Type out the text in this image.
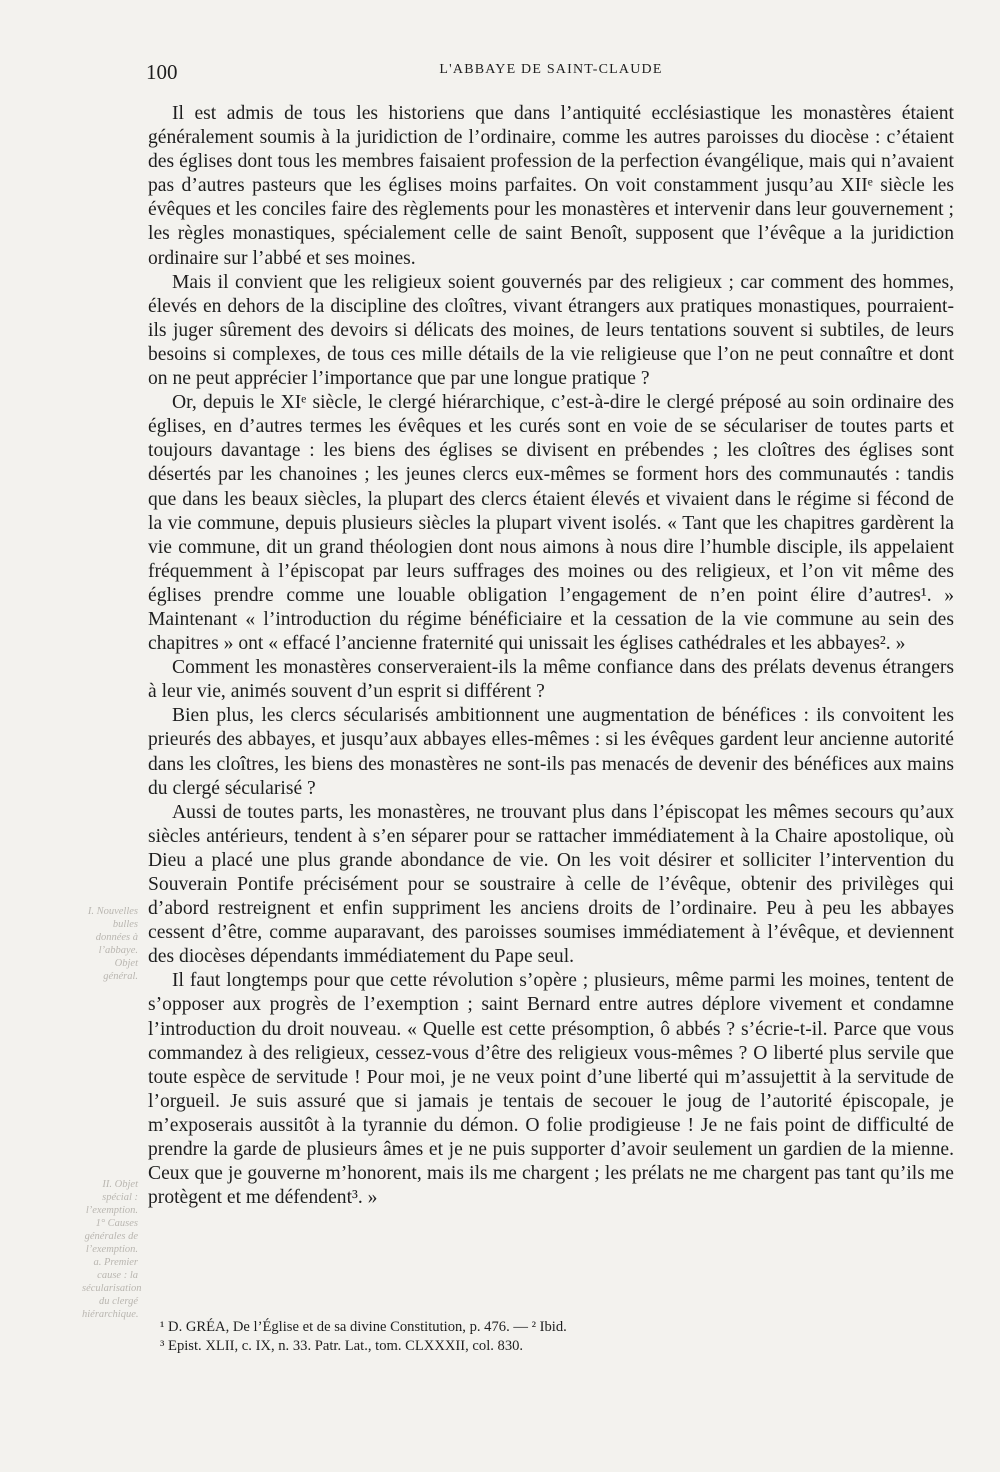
100	L'ABBAYE DE SAINT-CLAUDE

Il est admis de tous les historiens que dans l’antiquité ecclésiastique les monastères étaient généralement soumis à la juridiction de l’ordinaire, comme les autres paroisses du diocèse : c’étaient des églises dont tous les membres faisaient profession de la perfection évangélique, mais qui n’avaient pas d’autres pasteurs que les églises moins parfaites. On voit constamment jusqu’au XIIᵉ siècle les évêques et les conciles faire des règlements pour les monastères et intervenir dans leur gouvernement ; les règles monastiques, spécialement celle de saint Benoît, supposent que l’évêque a la juridiction ordinaire sur l’abbé et ses moines.

Mais il convient que les religieux soient gouvernés par des religieux ; car comment des hommes, élevés en dehors de la discipline des cloîtres, vivant étrangers aux pratiques monastiques, pourraient-ils juger sûrement des devoirs si délicats des moines, de leurs tentations souvent si subtiles, de leurs besoins si complexes, de tous ces mille détails de la vie religieuse que l’on ne peut connaître et dont on ne peut apprécier l’importance que par une longue pratique ?

Or, depuis le XIᵉ siècle, le clergé hiérarchique, c’est-à-dire le clergé préposé au soin ordinaire des églises, en d’autres termes les évêques et les curés sont en voie de se séculariser de toutes parts et toujours davantage : les biens des églises se divisent en prébendes ; les cloîtres des églises sont désertés par les chanoines ; les jeunes clercs eux-mêmes se forment hors des communautés : tandis que dans les beaux siècles, la plupart des clercs étaient élevés et vivaient dans le régime si fécond de la vie commune, depuis plusieurs siècles la plupart vivent isolés. « Tant que les chapitres gardèrent la vie commune, dit un grand théologien dont nous aimons à nous dire l’humble disciple, ils appelaient fréquemment à l’épiscopat par leurs suffrages des moines ou des religieux, et l’on vit même des églises prendre comme une louable obligation l’engagement de n’en point élire d’autres¹. » Maintenant « l’introduction du régime bénéficiaire et la cessation de la vie commune au sein des chapitres » ont « effacé l’ancienne fraternité qui unissait les églises cathédrales et les abbayes². »

Comment les monastères conserveraient-ils la même confiance dans des prélats devenus étrangers à leur vie, animés souvent d’un esprit si différent ?

Bien plus, les clercs sécularisés ambitionnent une augmentation de bénéfices : ils convoitent les prieurés des abbayes, et jusqu’aux abbayes elles-mêmes : si les évêques gardent leur ancienne autorité dans les cloîtres, les biens des monastères ne sont-ils pas menacés de devenir des bénéfices aux mains du clergé sécularisé ?

Aussi de toutes parts, les monastères, ne trouvant plus dans l’épiscopat les mêmes secours qu’aux siècles antérieurs, tendent à s’en séparer pour se rattacher immédiatement à la Chaire apostolique, où Dieu a placé une plus grande abondance de vie. On les voit désirer et solliciter l’intervention du Souverain Pontife précisément pour se soustraire à celle de l’évêque, obtenir des privilèges qui d’abord restreignent et enfin suppriment les anciens droits de l’ordinaire. Peu à peu les abbayes cessent d’être, comme auparavant, des paroisses soumises immédiatement à l’évêque, et deviennent des diocèses dépendants immédiatement du Pape seul.

Il faut longtemps pour que cette révolution s’opère ; plusieurs, même parmi les moines, tentent de s’opposer aux progrès de l’exemption ; saint Bernard entre autres déplore vivement et condamne l’introduction du droit nouveau. « Quelle est cette présomption, ô abbés ? s’écrie-t-il. Parce que vous commandez à des religieux, cessez-vous d’être des religieux vous-mêmes ? O liberté plus servile que toute espèce de servitude ! Pour moi, je ne veux point d’une liberté qui m’assujettit à la servitude de l’orgueil. Je suis assuré que si jamais je tentais de secouer le joug de l’autorité épiscopale, je m’exposerais aussitôt à la tyrannie du démon. O folie prodigieuse ! Je ne fais point de difficulté de prendre la garde de plusieurs âmes et je ne puis supporter d’avoir seulement un gardien de la mienne. Ceux que je gouverne m’honorent, mais ils me chargent ; les prélats ne me chargent pas tant qu’ils me protègent et me défendent³. »

I. Nouvelles bulles données à l’abbaye. Objet général.
II. Objet spécial : l’exemption. 1° Causes générales de l’exemption. a. Premier cause : la sécularisation du clergé hiérarchique.
¹ D. GRÉA, De l’Église et de sa divine Constitution, p. 476. — ² Ibid.
³ Epist. XLII, c. IX, n. 33. Patr. Lat., tom. CLXXXII, col. 830.
